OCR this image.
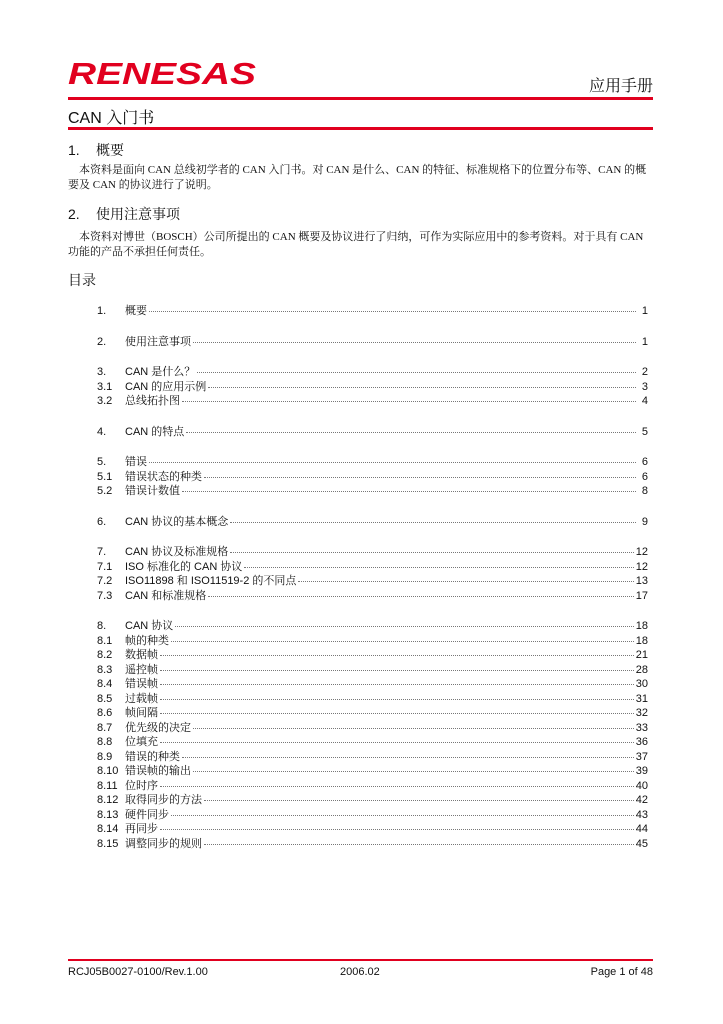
RENESAS	应用手册
CAN 入门书
1. 概要
本资料是面向 CAN 总线初学者的 CAN 入门书。对 CAN 是什么、CAN 的特征、标准规格下的位置分布等、CAN 的概要及 CAN 的协议进行了说明。
2. 使用注意事项
本资料对博世（BOSCH）公司所提出的 CAN 概要及协议进行了归纳，可作为实际应用中的参考资料。对于具有 CAN 功能的产品不承担任何责任。
目录
1.	概要	1
2.	使用注意事项	1
3.	CAN 是什么？	2
3.1	CAN 的应用示例	3
3.2	总线拓扑图	4
4.	CAN 的特点	5
5.	错误	6
5.1	错误状态的种类	6
5.2	错误计数值	8
6.	CAN 协议的基本概念	9
7.	CAN 协议及标准规格	12
7.1	ISO 标准化的 CAN 协议	12
7.2	ISO11898 和 ISO11519-2 的不同点	13
7.3	CAN 和标准规格	17
8.	CAN 协议	18
8.1	帧的种类	18
8.2	数据帧	21
8.3	遥控帧	28
8.4	错误帧	30
8.5	过载帧	31
8.6	帧间隔	32
8.7	优先级的决定	33
8.8	位填充	36
8.9	错误的种类	37
8.10 错误帧的输出	39
8.11 位时序	40
8.12 取得同步的方法	42
8.13 硬件同步	43
8.14 再同步	44
8.15 调整同步的规则	45
RCJ05B0027-0100/Rev.1.00	2006.02	Page 1 of 48
